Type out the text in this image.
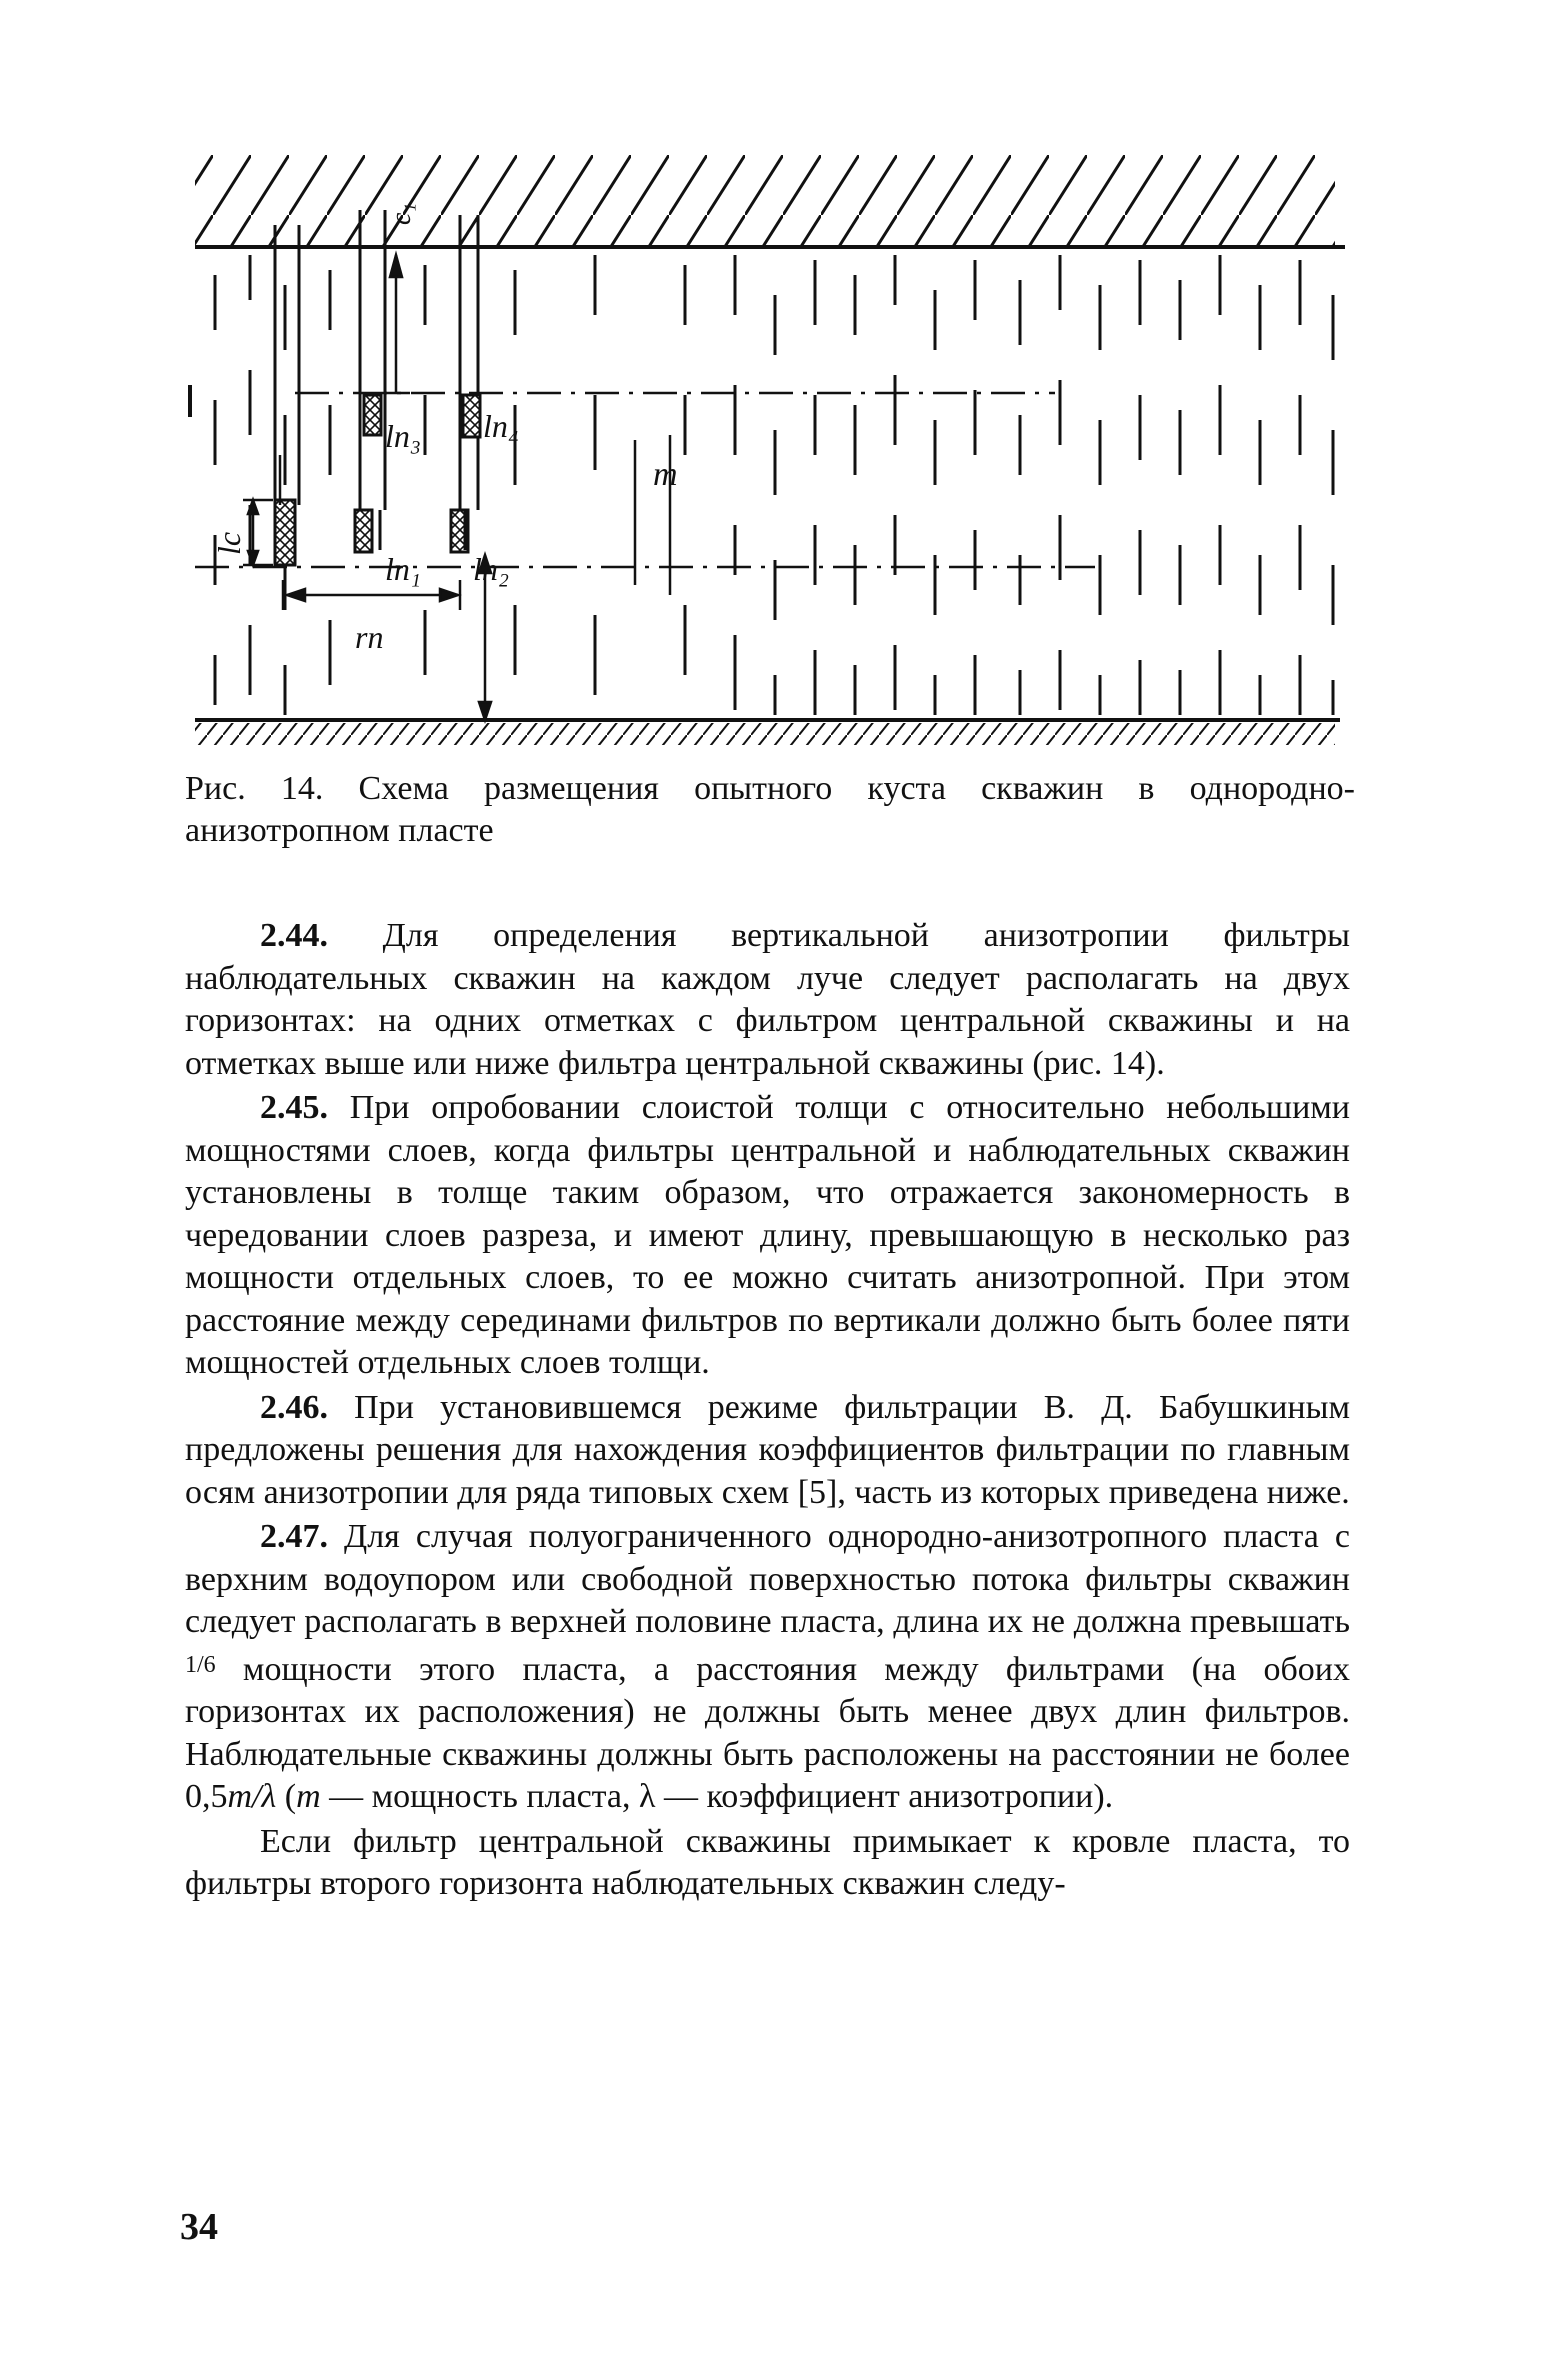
c₁
lп₃ lп₄
m
lс
lп₁ lп₂
rп
Рис. 14. Схема размещения опытного куста скважин в однородно-
анизотропном пласте

2.44. Для определения вертикальной анизотропии фильтры наблюдательных скважин на каждом луче следует располагать на двух горизонтах: на одних отметках с фильтром центральной скважины и на отметках выше или ниже фильтра центральной скважины (рис. 14).

2.45. При опробовании слоистой толщи с относительно небольшими мощностями слоев, когда фильтры центральной и наблюдательных скважин установлены в толще таким образом, что отражается закономерность в чередовании слоев разреза, и имеют длину, превышающую в несколько раз мощности отдельных слоев, то ее можно считать анизотропной. При этом расстояние между серединами фильтров по вертикали должно быть более пяти мощностей отдельных слоев толщи.

2.46. При установившемся режиме фильтрации В. Д. Бабушкиным предложены решения для нахождения коэффициентов фильтрации по главным осям анизотропии для ряда типовых схем [5], часть из которых приведена ниже.

2.47. Для случая полуограниченного однородно-анизотропного пласта с верхним водоупором или свободной поверхностью потока фильтры скважин следует располагать в верхней половине пласта, длина их не должна превышать $^{1/6}$ мощности этого пласта, а расстояния между фильтрами (на обоих горизонтах их расположения) не должны быть менее двух длин фильтров. Наблюдательные скважины должны быть расположены на расстоянии не более 0,5m/λ (m — мощность пласта, λ — коэффициент анизотропии).

Если фильтр центральной скважины примыкает к кровле пласта, то фильтры второго горизонта наблюдательных скважин следу-

34
